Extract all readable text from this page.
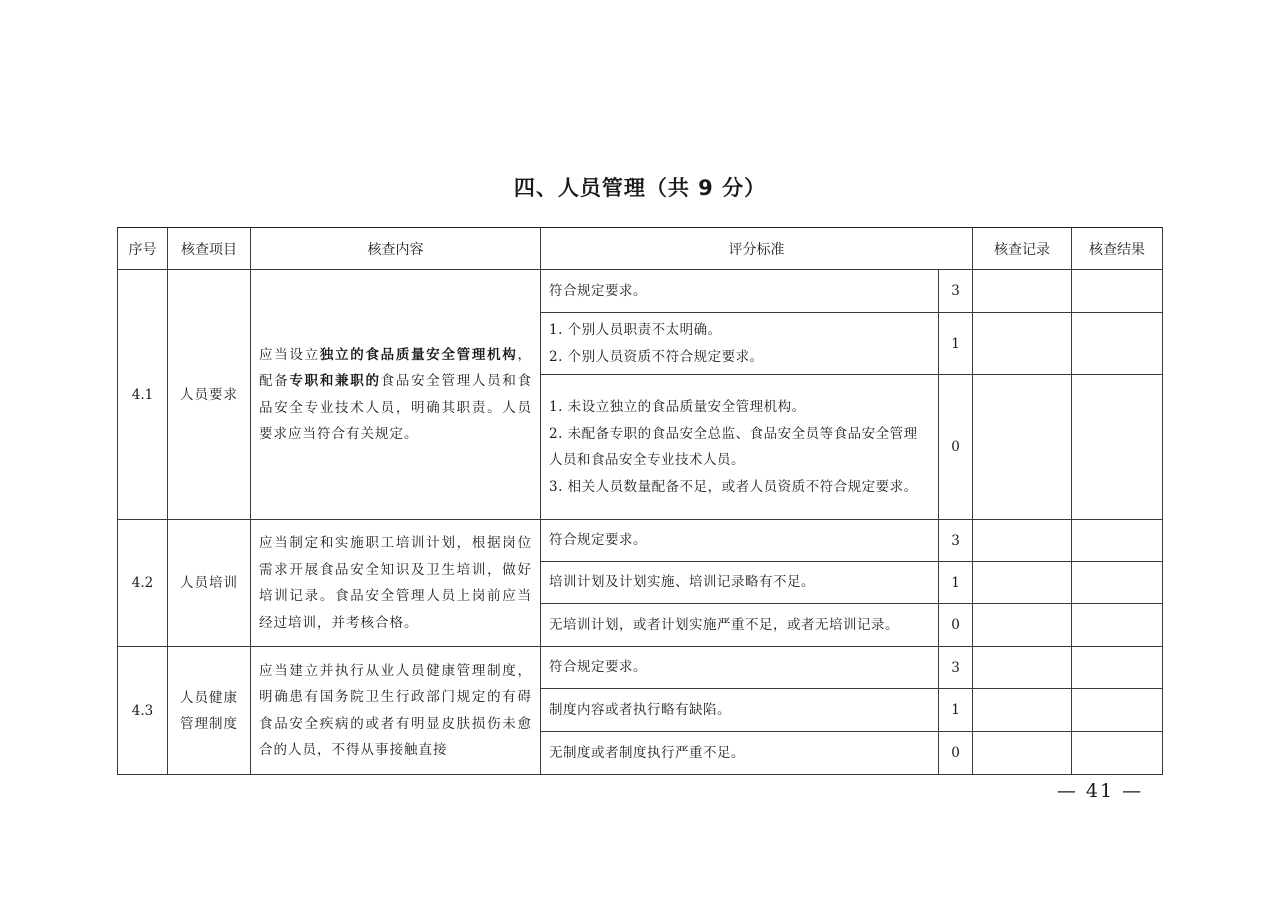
四、人员管理（共 9 分）
序号	核查项目	核查内容	评分标准		核查记录	核查结果
4.1	人员要求	应当设立独立的食品质量安全管理机构，配备专职和兼职的食品安全管理人员和食品安全专业技术人员，明确其职责。人员要求应当符合有关规定。	符合规定要求。	3		

			1. 个别人员职责不太明确。
2. 个别人员资质不符合规定要求。	1		

			1. 未设立独立的食品质量安全管理机构。
2. 未配备专职的食品安全总监、食品安全员等食品安全管理人员和食品安全专业技术人员。
3. 相关人员数量配备不足，或者人员资质不符合规定要求。	0		
4.2	人员培训	应当制定和实施职工培训计划，根据岗位需求开展食品安全知识及卫生培训，做好培训记录。食品安全管理人员上岗前应当经过培训，并考核合格。	符合规定要求。	3		

			培训计划及计划实施、培训记录略有不足。	1		

			无培训计划，或者计划实施严重不足，或者无培训记录。	0		
4.3	人员健康管理制度	应当建立并执行从业人员健康管理制度，明确患有国务院卫生行政部门规定的有碍食品安全疾病的或者有明显皮肤损伤未愈合的人员，不得从事接触直接	符合规定要求。	3		

			制度内容或者执行略有缺陷。	1		

			无制度或者制度执行严重不足。	0		
— 41 —
